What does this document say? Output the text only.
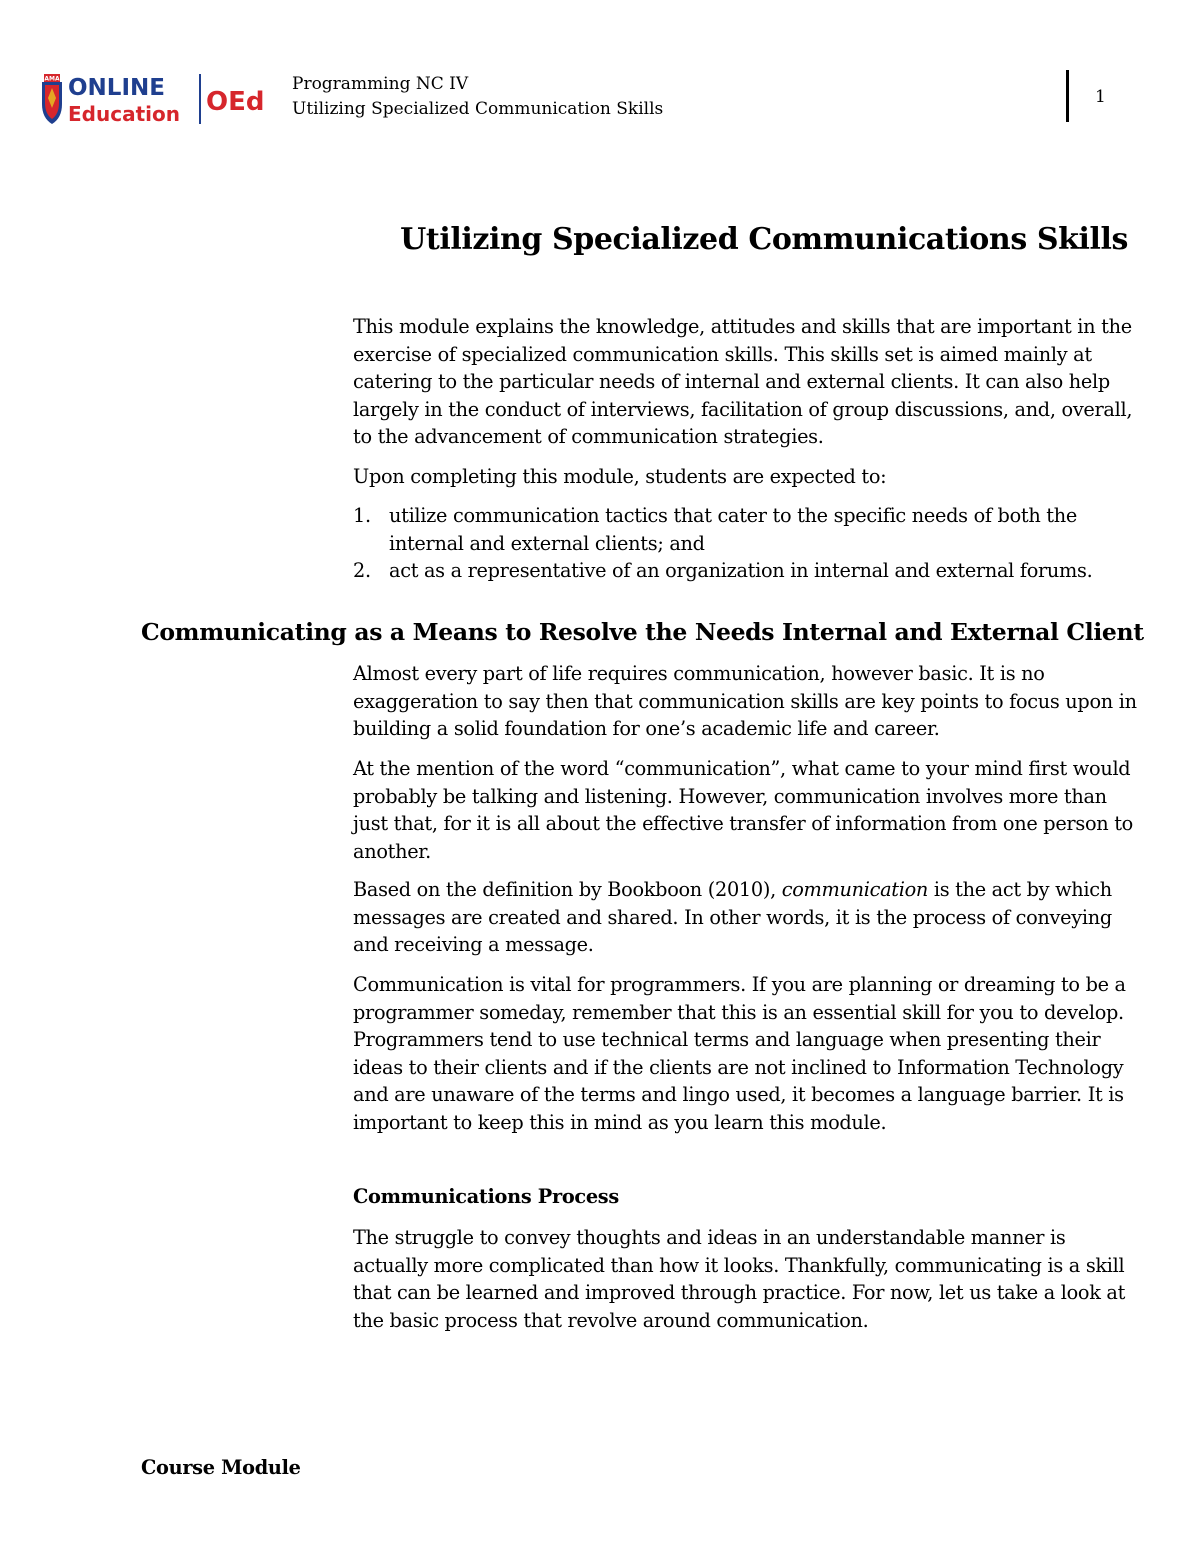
AMA ONLINE
Education OEd
Programming NC IV
Utilizing Specialized Communication Skills
1
Utilizing Specialized Communications Skills

This module explains the knowledge, attitudes and skills that are important in the exercise of specialized communication skills. This skills set is aimed mainly at catering to the particular needs of internal and external clients. It can also help largely in the conduct of interviews, facilitation of group discussions, and, overall, to the advancement of communication strategies.

Upon completing this module, students are expected to:

1. utilize communication tactics that cater to the specific needs of both the internal and external clients; and
2. act as a representative of an organization in internal and external forums.
Communicating as a Means to Resolve the Needs Internal and External Client

Almost every part of life requires communication, however basic. It is no exaggeration to say then that communication skills are key points to focus upon in building a solid foundation for one’s academic life and career.

At the mention of the word “communication”, what came to your mind first would probably be talking and listening. However, communication involves more than just that, for it is all about the effective transfer of information from one person to another.

Based on the definition by Bookboon (2010), communication is the act by which messages are created and shared. In other words, it is the process of conveying and receiving a message.

Communication is vital for programmers. If you are planning or dreaming to be a programmer someday, remember that this is an essential skill for you to develop. Programmers tend to use technical terms and language when presenting their ideas to their clients and if the clients are not inclined to Information Technology and are unaware of the terms and lingo used, it becomes a language barrier. It is important to keep this in mind as you learn this module.

Communications Process

The struggle to convey thoughts and ideas in an understandable manner is actually more complicated than how it looks. Thankfully, communicating is a skill that can be learned and improved through practice. For now, let us take a look at the basic process that revolve around communication.

Course Module
